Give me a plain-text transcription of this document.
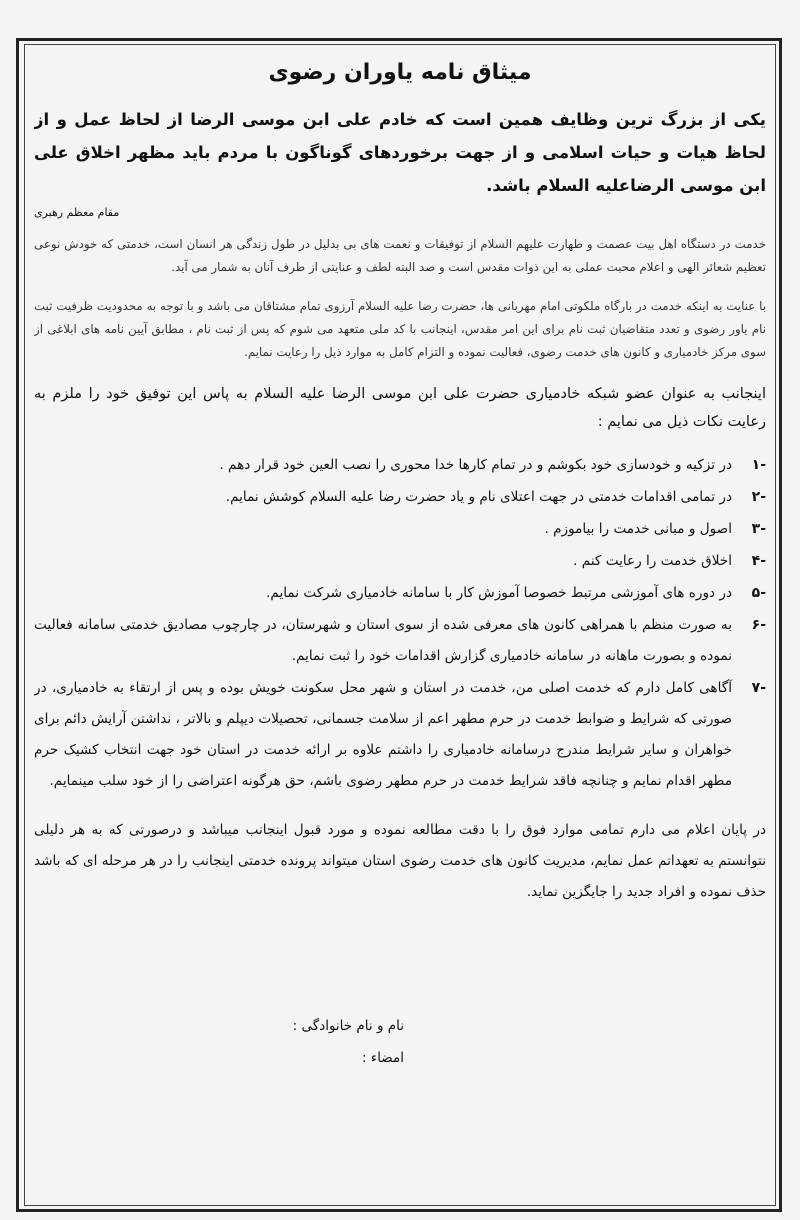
میثاق نامه یاوران رضوی

یکی از بزرگ ترین وظایف همین است که خادم علی ابن موسی الرضا از لحاظ عمل و از لحاظ هیات و حیات اسلامی و از جهت برخوردهای گوناگون با مردم باید مظهر اخلاق علی ابن موسی الرضاعلیه السلام باشد.

مقام معظم رهبری

خدمت در دستگاه اهل بیت عصمت و طهارت علیهم السلام از توفیقات و نعمت های بی بدلیل در طول زندگی هر انسان است، خدمتی که خودش نوعی تعظیم شعائر الهی و اعلام محبت عملی به این ذوات مقدس است و صد البته لطف و عنایتی از طرف آنان به شمار می آید.

با عنایت به اینکه خدمت در بارگاه ملکوتی امام مهربانی ها، حضرت رضا علیه السلام آرزوی تمام مشتاقان می باشد و با توجه به محدودیت ظرفیت ثبت نام یاور رضوی و تعدد متقاضیان ثبت نام برای این امر مقدس، اینجانب با کد ملی متعهد می شوم که پس از ثبت نام ، مطابق آیین نامه های ابلاغی از سوی مرکز خادمیاری و کانون های خدمت رضوی، فعالیت نموده و التزام کامل به موارد ذیل را رعایت نمایم.

اینجانب به عنوان عضو شبکه خادمیاری حضرت علی ابن موسی الرضا علیه السلام به پاس این توفیق خود را ملزم به رعایت نکات ذیل می نمایم :

-۱
در تزکیه و خودسازی خود بکوشم و در تمام کارها خدا محوری را نصب العین خود قرار دهم .
-۲
در تمامی اقدامات خدمتی در جهت اعتلای نام و یاد حضرت رضا علیه السلام کوشش نمایم.
-۳
اصول و مبانی خدمت را بیاموزم .
-۴
اخلاق خدمت را رعایت کنم .
-۵
در دوره های آموزشی مرتبط خصوصا آموزش کار با سامانه خادمیاری شرکت نمایم.
-۶
به صورت منظم با همراهی کانون های معرفی شده از سوی استان و شهرستان، در چارچوب مصادیق خدمتی سامانه فعالیت نموده و بصورت ماهانه در سامانه خادمیاری گزارش اقدامات خود را ثبت نمایم.
-۷
آگاهی کامل دارم که خدمت اصلی من، خدمت در استان و شهر محل سکونت خویش بوده و پس از ارتقاء به خادمیاری، در صورتی که شرایط و ضوابط خدمت در حرم مطهر اعم از سلامت جسمانی، تحصیلات دیپلم و بالاتر ، نداشتن آرایش دائم برای خواهران و سایر شرایط مندرج درسامانه خادمیاری را داشتم علاوه بر ارائه خدمت در استان خود جهت انتخاب کشیک حرم مطهر اقدام نمایم و چنانچه فاقد شرایط خدمت در حرم مطهر رضوی باشم، حق هرگونه اعتراضی را از خود سلب مینمایم.

در پایان اعلام می دارم تمامی موارد فوق را با دقت مطالعه نموده و مورد قبول اینجانب میباشد و درصورتی که به هر دلیلی نتوانستم به تعهداتم عمل نمایم، مدیریت کانون های خدمت رضوی استان میتواند پرونده خدمتی اینجانب را در هر مرحله ای که باشد حذف نموده و افراد جدید را جایگزین نماید.

نام و نام خانوادگی :
امضاء :
